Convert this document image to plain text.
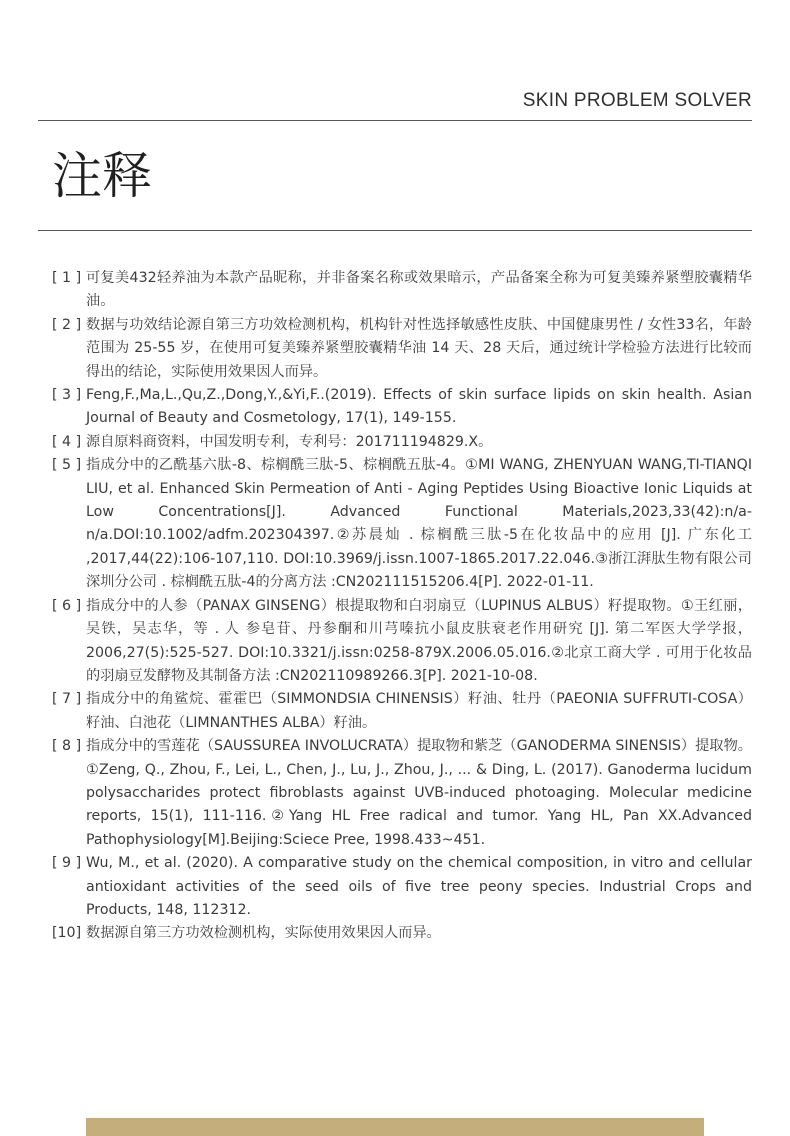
SKIN PROBLEM SOLVER
注释
[ 1 ] 可复美432轻养油为本款产品昵称，并非备案名称或效果暗示，产品备案全称为可复美臻养紧塑胶囊精华油。
[ 2 ] 数据与功效结论源自第三方功效检测机构，机构针对性选择敏感性皮肤、中国健康男性 / 女性33名，年龄范围为 25-55 岁，在使用可复美臻养紧塑胶囊精华油 14 天、28 天后，通过统计学检验方法进行比较而得出的结论，实际使用效果因人而异。
[ 3 ] Feng,F.,Ma,L.,Qu,Z.,Dong,Y.,&Yi,F..(2019). Effects of skin surface lipids on skin health. Asian Journal of Beauty and Cosmetology, 17(1), 149-155.
[ 4 ] 源自原料商资料，中国发明专利，专利号：201711194829.X。
[ 5 ] 指成分中的乙酰基六肽-8、棕榈酰三肽-5、棕榈酰五肽-4。①MI WANG, ZHENYUAN WANG,TI-TIANQI LIU, et al. Enhanced Skin Permeation of Anti - Aging Peptides Using Bioactive Ionic Liquids at Low Concentrations[J]. Advanced Functional Materials,2023,33(42):n/a-n/a.DOI:10.1002/adfm.202304397.②苏晨灿 . 棕榈酰三肽-5在化妆品中的应用 [J]. 广东化工 ,2017,44(22):106-107,110. DOI:10.3969/j.issn.1007-1865.2017.22.046.③浙江湃肽生物有限公司深圳分公司 . 棕榈酰五肽-4的分离方法 :CN202111515206.4[P]. 2022-01-11.
[ 6 ] 指成分中的人参（PANAX GINSENG）根提取物和白羽扇豆（LUPINUS ALBUS）籽提取物。①王红丽，吴铁，吴志华，等 . 人 参皂苷、丹参酮和川芎嗪抗小鼠皮肤衰老作用研究 [J]. 第二军医大学学报，2006,27(5):525-527. DOI:10.3321/j.issn:0258-879X.2006.05.016.②北京工商大学 . 可用于化妆品的羽扇豆发酵物及其制备方法 :CN202110989266.3[P]. 2021-10-08.
[ 7 ] 指成分中的角鲨烷、霍霍巴（SIMMONDSIA CHINENSIS）籽油、牡丹（PAEONIA SUFFRUTI-COSA）籽油、白池花（LIMNANTHES ALBA）籽油。
[ 8 ] 指成分中的雪莲花（SAUSSUREA INVOLUCRATA）提取物和紫芝（GANODERMA SINENSIS）提取物。①Zeng, Q., Zhou, F., Lei, L., Chen, J., Lu, J., Zhou, J., ... & Ding, L. (2017). Ganoderma lucidum polysaccharides protect fibroblasts against UVB-induced photoaging. Molecular medicine reports, 15(1), 111-116.②Yang HL Free radical and tumor. Yang HL, Pan XX.Advanced Pathophysiology[M].Beijing:Sciece Pree, 1998.433~451.
[ 9 ] Wu, M., et al. (2020). A comparative study on the chemical composition, in vitro and cellular antioxidant activities of the seed oils of five tree peony species. Industrial Crops and Products, 148, 112312.
[10] 数据源自第三方功效检测机构，实际使用效果因人而异。
